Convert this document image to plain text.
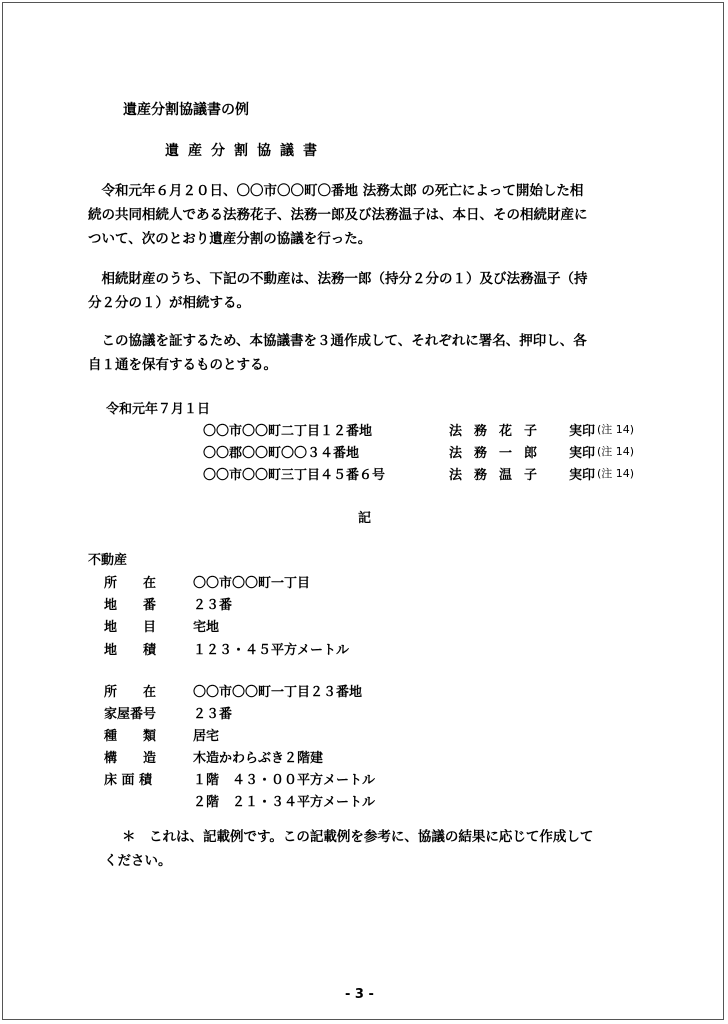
遺産分割協議書の例
遺産分割協議書
　令和元年６月２０日、〇〇市〇〇町〇番地 法務太郎 の死亡によって開始した相
続の共同相続人である法務花子、法務一郎及び法務温子は、本日、その相続財産に
ついて、次のとおり遺産分割の協議を行った。
　相続財産のうち、下記の不動産は、法務一郎（持分２分の１）及び法務温子（持
分２分の１）が相続する。
　この協議を証するため、本協議書を３通作成して、それぞれに署名、押印し、各
自１通を保有するものとする。
令和元年７月１日
〇〇市〇〇町二丁目１２番地	法務花子 実印 (注 14)
〇〇郡〇〇町〇〇３４番地	法務一郎 実印 (注 14)
〇〇市〇〇町三丁目４５番６号	法務温子 実印 (注 14)
記
不動産
所　　在	〇〇市〇〇町一丁目
地　　番	２３番
地　　目	宅地
地　　積	１２３・４５平方メートル
所　　在	〇〇市〇〇町一丁目２３番地
家屋番号	２３番
種　　類	居宅
構　　造	木造かわらぶき２階建
床 面 積	１階　４３・００平方メートル
２階　２１・３４平方メートル
＊　これは、記載例です。この記載例を参考に、協議の結果に応じて作成して
ください。
- 3 -
